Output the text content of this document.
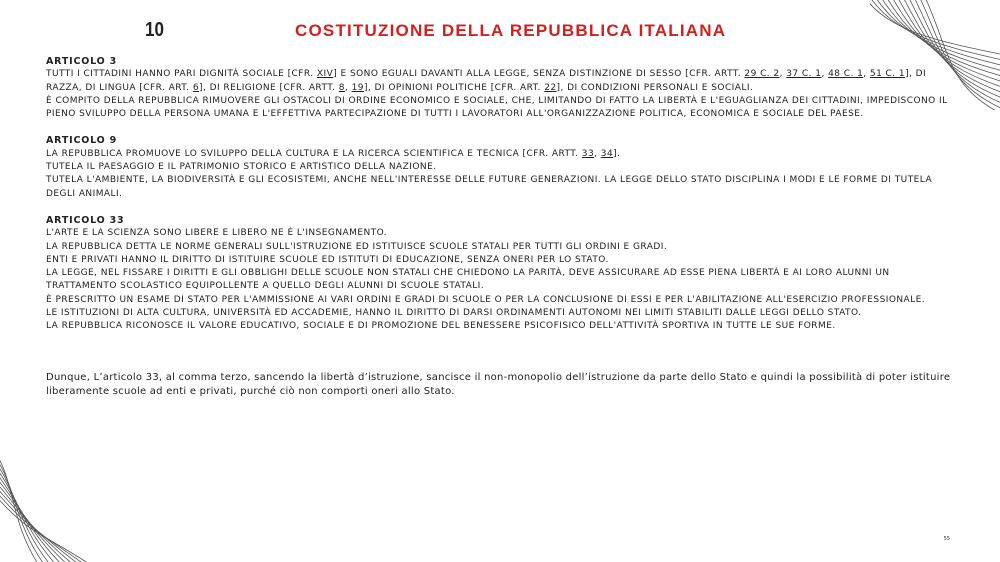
10	COSTITUZIONE DELLA REPUBBLICA ITALIANA
ARTICOLO 3
TUTTI I CITTADINI HANNO PARI DIGNITÀ SOCIALE [CFR. XIV] E SONO EGUALI DAVANTI ALLA LEGGE, SENZA DISTINZIONE DI SESSO [CFR. ARTT. 29 C. 2, 37 C. 1, 48 C. 1, 51 C. 1], DI RAZZA, DI LINGUA [CFR. ART. 6], DI RELIGIONE [CFR. ARTT. 8, 19], DI OPINIONI POLITICHE [CFR. ART. 22], DI CONDIZIONI PERSONALI E SOCIALI.
È COMPITO DELLA REPUBBLICA RIMUOVERE GLI OSTACOLI DI ORDINE ECONOMICO E SOCIALE, CHE, LIMITANDO DI FATTO LA LIBERTÀ E L'EGUAGLIANZA DEI CITTADINI, IMPEDISCONO IL PIENO SVILUPPO DELLA PERSONA UMANA E L'EFFETTIVA PARTECIPAZIONE DI TUTTI I LAVORATORI ALL'ORGANIZZAZIONE POLITICA, ECONOMICA E SOCIALE DEL PAESE.
ARTICOLO 9
LA REPUBBLICA PROMUOVE LO SVILUPPO DELLA CULTURA E LA RICERCA SCIENTIFICA E TECNICA [CFR. ARTT. 33, 34].
TUTELA IL PAESAGGIO E IL PATRIMONIO STORICO E ARTISTICO DELLA NAZIONE.
TUTELA L'AMBIENTE, LA BIODIVERSITÀ E GLI ECOSISTEMI, ANCHE NELL'INTERESSE DELLE FUTURE GENERAZIONI. LA LEGGE DELLO STATO DISCIPLINA I MODI E LE FORME DI TUTELA DEGLI ANIMALI.
ARTICOLO 33
L'ARTE E LA SCIENZA SONO LIBERE E LIBERO NE È L'INSEGNAMENTO.
LA REPUBBLICA DETTA LE NORME GENERALI SULL'ISTRUZIONE ED ISTITUISCE SCUOLE STATALI PER TUTTI GLI ORDINI E GRADI.
ENTI E PRIVATI HANNO IL DIRITTO DI ISTITUIRE SCUOLE ED ISTITUTI DI EDUCAZIONE, SENZA ONERI PER LO STATO.
LA LEGGE, NEL FISSARE I DIRITTI E GLI OBBLIGHI DELLE SCUOLE NON STATALI CHE CHIEDONO LA PARITÀ, DEVE ASSICURARE AD ESSE PIENA LIBERTÀ E AI LORO ALUNNI UN TRATTAMENTO SCOLASTICO EQUIPOLLENTE A QUELLO DEGLI ALUNNI DI SCUOLE STATALI.
È PRESCRITTO UN ESAME DI STATO PER L'AMMISSIONE AI VARI ORDINI E GRADI DI SCUOLE O PER LA CONCLUSIONE DI ESSI E PER L'ABILITAZIONE ALL'ESERCIZIO PROFESSIONALE.
LE ISTITUZIONI DI ALTA CULTURA, UNIVERSITÀ ED ACCADEMIE, HANNO IL DIRITTO DI DARSI ORDINAMENTI AUTONOMI NEI LIMITI STABILITI DALLE LEGGI DELLO STATO.
LA REPUBBLICA RICONOSCE IL VALORE EDUCATIVO, SOCIALE E DI PROMOZIONE DEL BENESSERE PSICOFISICO DELL'ATTIVITÀ SPORTIVA IN TUTTE LE SUE FORME.
Dunque, L’articolo 33, al comma terzo, sancendo la libertà d’istruzione, sancisce il non-monopolio dell’istruzione da parte dello Stato e quindi la possibilità di poter istituire liberamente scuole ad enti e privati, purché ciò non comporti oneri allo Stato.
55
